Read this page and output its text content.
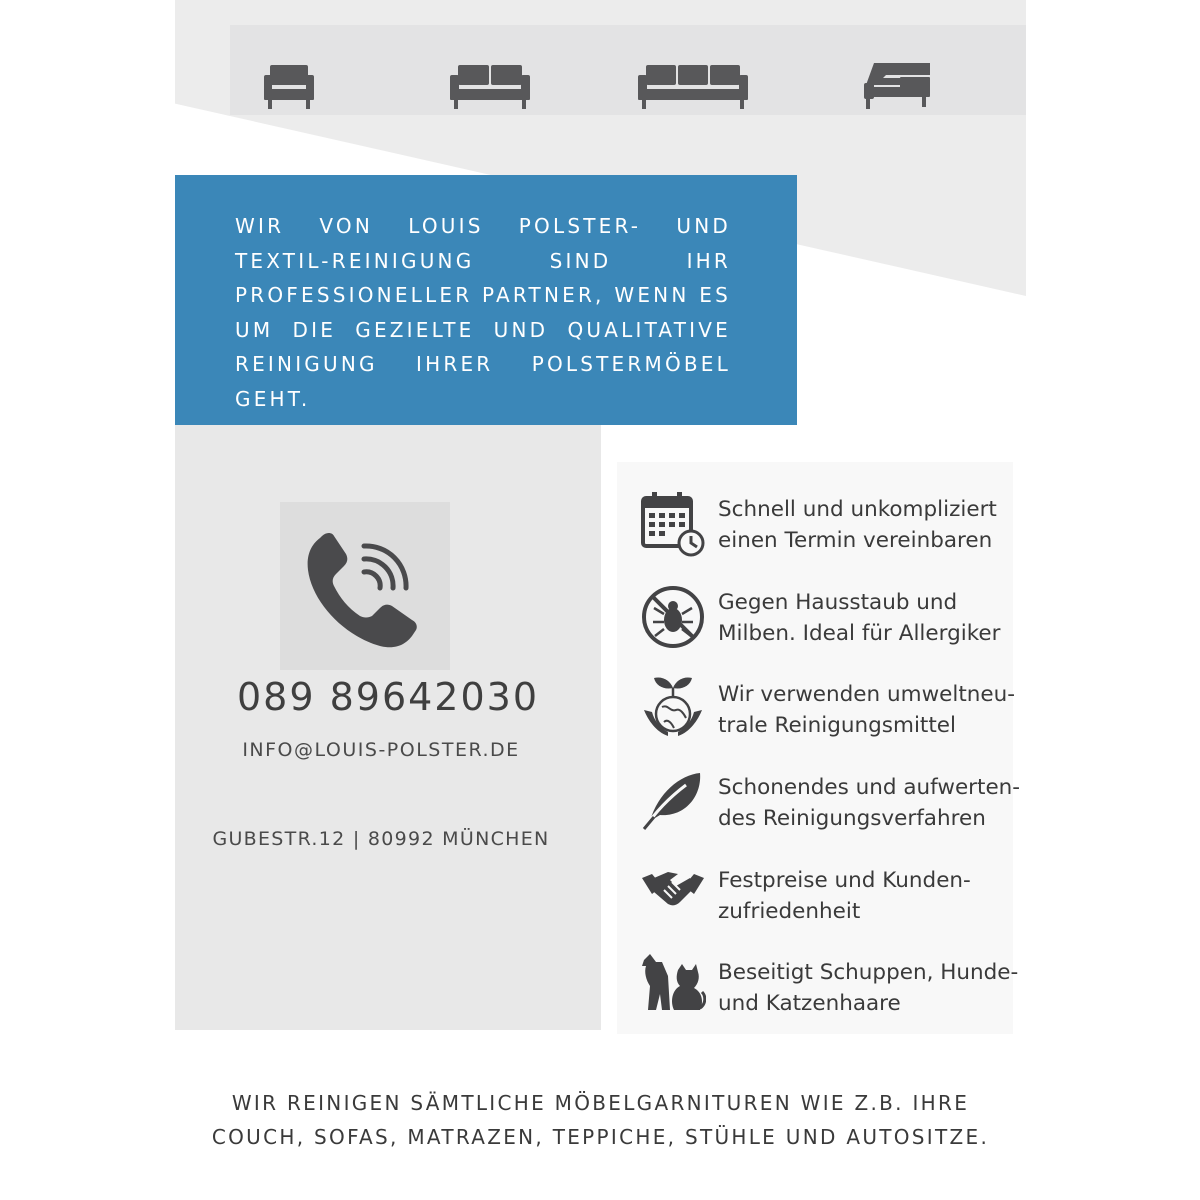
WIR VON LOUIS POLSTER- UND TEXTIL-REINIGUNG SIND IHR PROFESSIONELLER PARTNER, WENN ES UM DIE GEZIELTE UND QUALITATIVE REINIGUNG IHRER POLSTERMÖBEL GEHT.

089 89642030
INFO@LOUIS-POLSTER.DE
GUBESTR.12 | 80992 MÜNCHEN
Schnell und unkompliziert
einen Termin vereinbaren
Gegen Hausstaub und
Milben. Ideal für Allergiker
Wir verwenden umweltneu-
trale Reinigungsmittel
Schonendes und aufwerten-
des Reinigungsverfahren
Festpreise und Kunden-
zufriedenheit
Beseitigt Schuppen, Hunde-
und Katzenhaare
WIR REINIGEN SÄMTLICHE MÖBELGARNITUREN WIE Z.B. IHRE
COUCH, SOFAS, MATRAZEN, TEPPICHE, STÜHLE UND AUTOSITZE.
